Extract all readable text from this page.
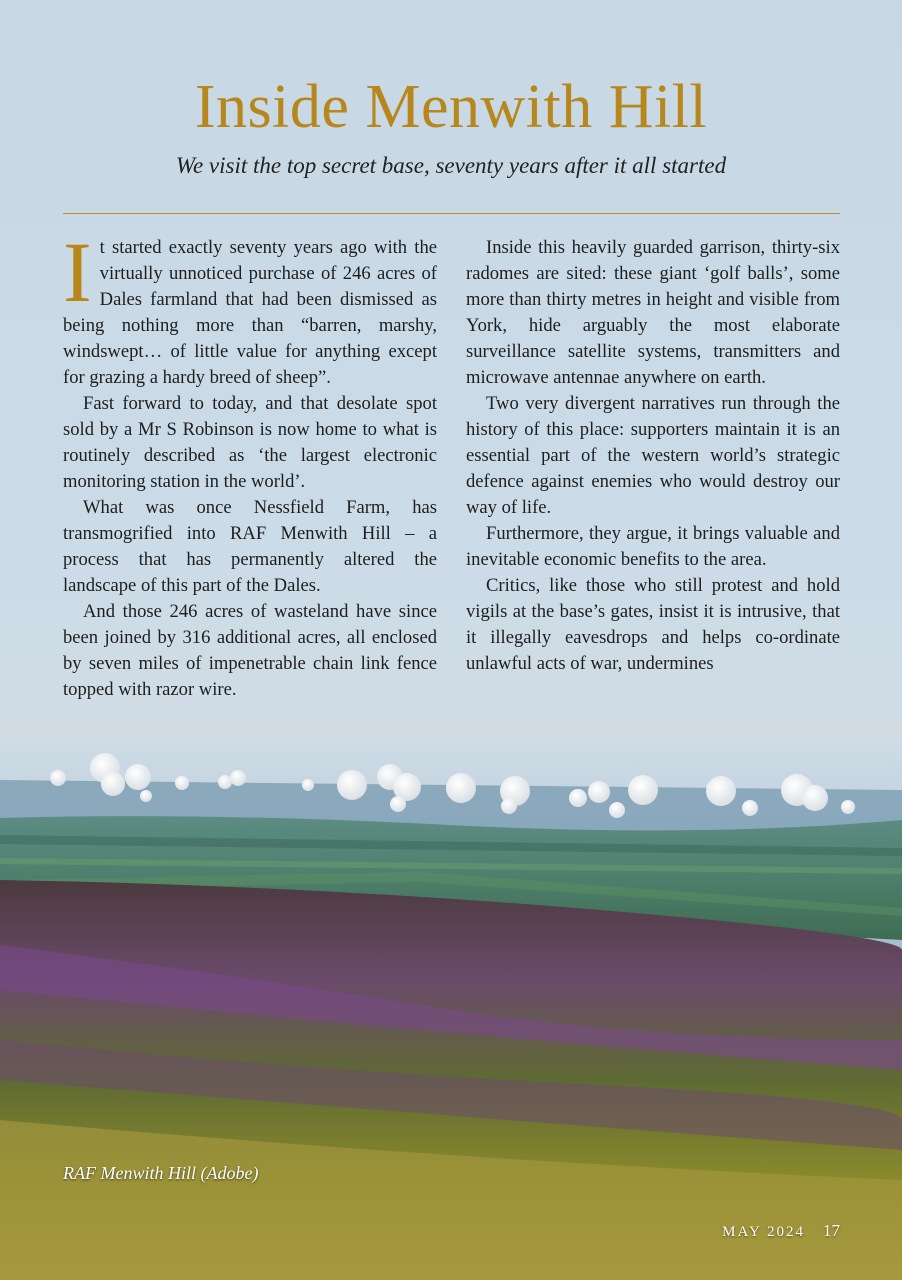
Inside Menwith Hill

We visit the top secret base, seventy years after it all started

It started exactly seventy years ago with the virtually unnoticed purchase of 246 acres of Dales farmland that had been dismissed as being nothing more than “barren, marshy, windswept… of little value for anything except for grazing a hardy breed of sheep”.

Fast forward to today, and that desolate spot sold by a Mr S Robinson is now home to what is routinely described as ‘the largest electronic monitoring station in the world’.

What was once Nessfield Farm, has transmogrified into RAF Menwith Hill – a process that has permanently altered the landscape of this part of the Dales.

And those 246 acres of wasteland have since been joined by 316 additional acres, all enclosed by seven miles of impenetrable chain link fence topped with razor wire.

Inside this heavily guarded garrison, thirty-six radomes are sited: these giant ‘golf balls’, some more than thirty metres in height and visible from York, hide arguably the most elaborate surveillance satellite systems, transmitters and microwave antennae anywhere on earth.

Two very divergent narratives run through the history of this place: supporters maintain it is an essential part of the western world’s strategic defence against enemies who would destroy our way of life.

Furthermore, they argue, it brings valuable and inevitable economic benefits to the area.

Critics, like those who still protest and hold vigils at the base’s gates, insist it is intrusive, that it illegally eavesdrops and helps co-ordinate unlawful acts of war, undermines

RAF Menwith Hill (Adobe)
MAY 2024 17
